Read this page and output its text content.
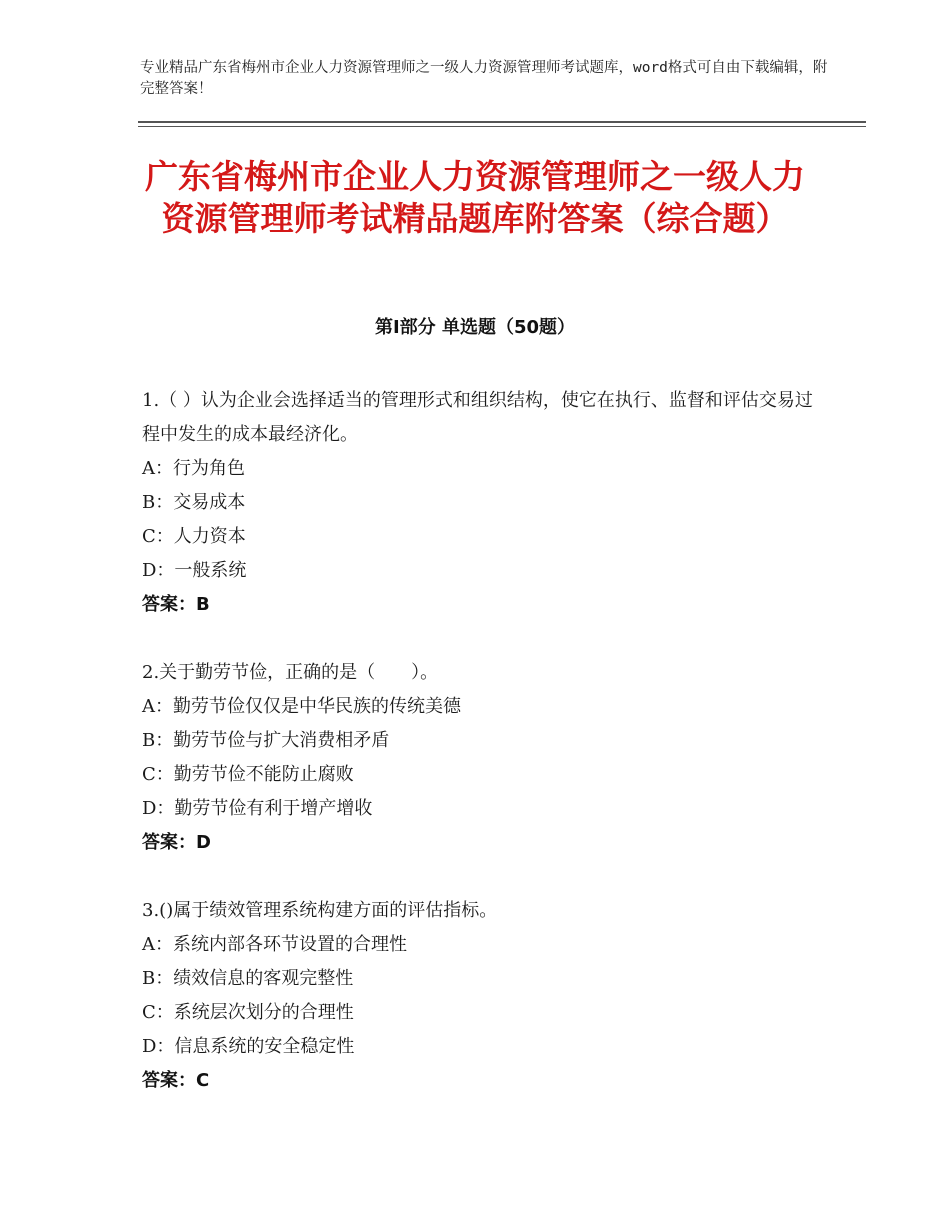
专业精品广东省梅州市企业人力资源管理师之一级人力资源管理师考试题库，word格式可自由下载编辑，附完整答案！
广东省梅州市企业人力资源管理师之一级人力资源管理师考试精品题库附答案（综合题）
第Ⅰ部分 单选题（50题）
1.（ ）认为企业会选择适当的管理形式和组织结构，使它在执行、监督和评估交易过程中发生的成本最经济化。
A：行为角色
B：交易成本
C：人力资本
D：一般系统
答案：B
2.关于勤劳节俭，正确的是（　　）。
A：勤劳节俭仅仅是中华民族的传统美德
B：勤劳节俭与扩大消费相矛盾
C：勤劳节俭不能防止腐败
D：勤劳节俭有利于增产增收
答案：D
3.()属于绩效管理系统构建方面的评估指标。
A：系统内部各环节设置的合理性
B：绩效信息的客观完整性
C：系统层次划分的合理性
D：信息系统的安全稳定性
答案：C
